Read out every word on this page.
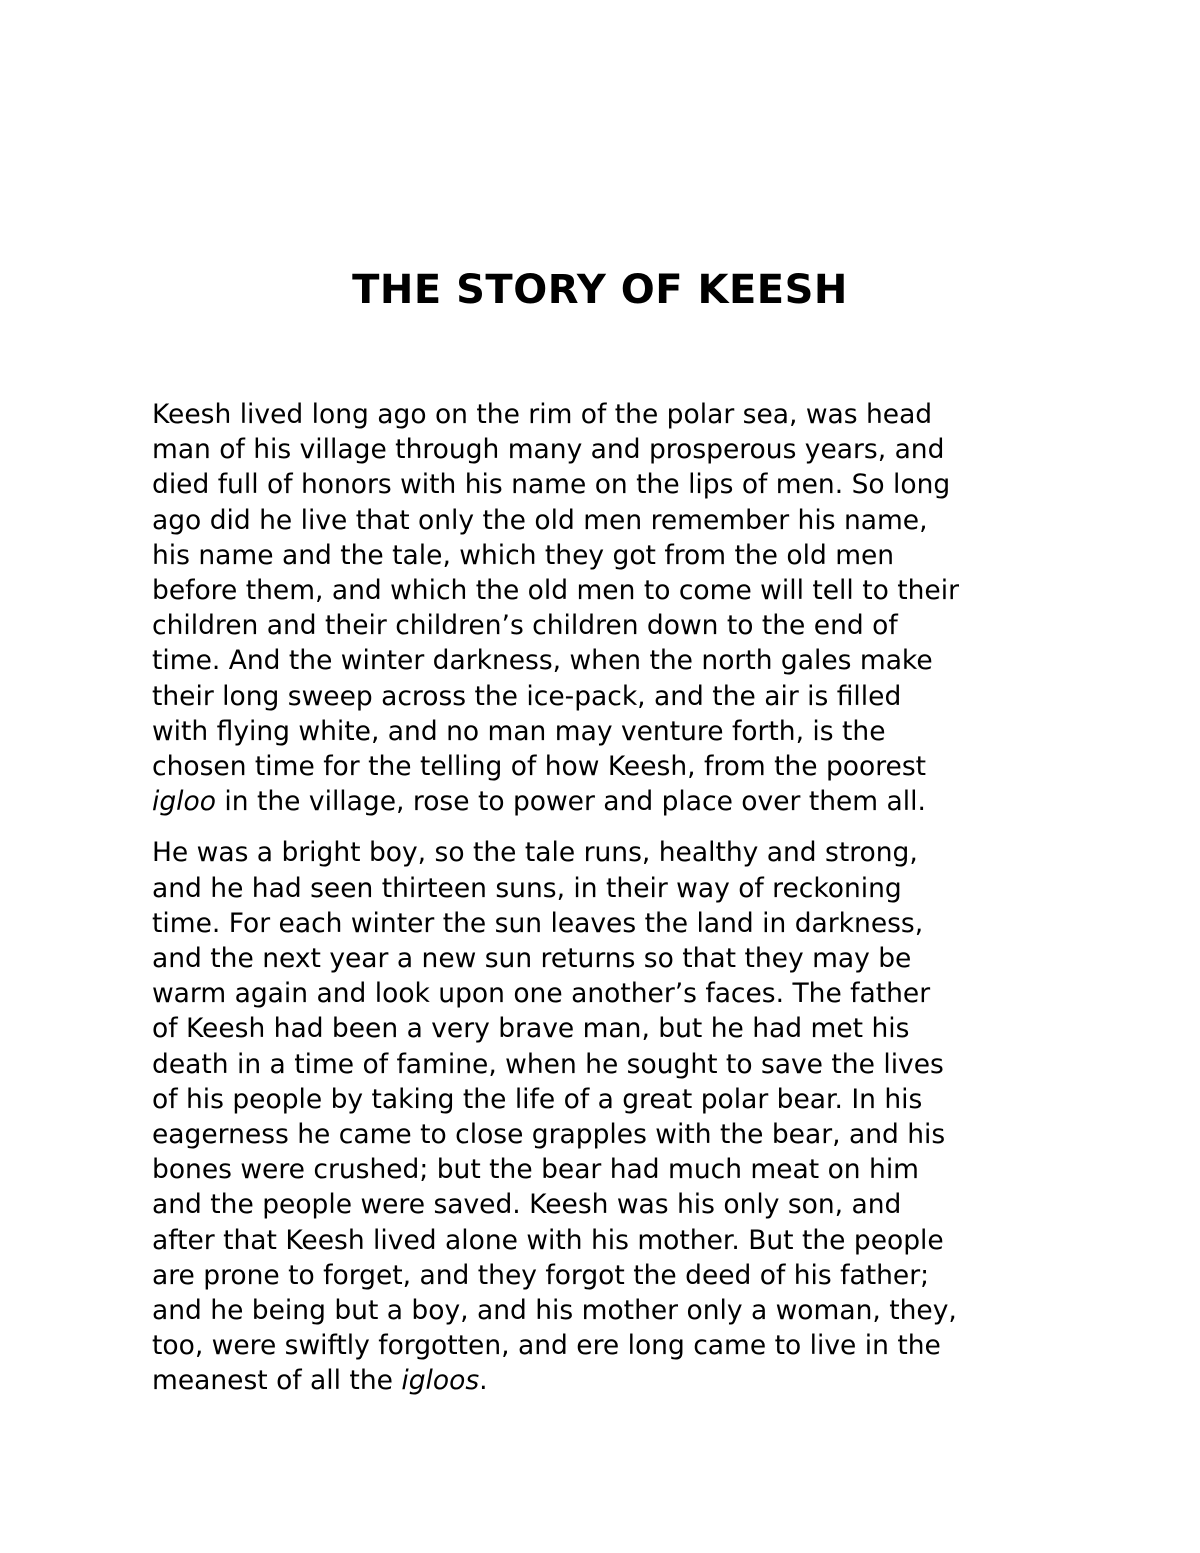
THE STORY OF KEESH

Keesh lived long ago on the rim of the polar sea, was head
man of his village through many and prosperous years, and
died full of honors with his name on the lips of men. So long
ago did he live that only the old men remember his name,
his name and the tale, which they got from the old men
before them, and which the old men to come will tell to their
children and their children’s children down to the end of
time. And the winter darkness, when the north gales make
their long sweep across the ice-pack, and the air is filled
with flying white, and no man may venture forth, is the
chosen time for the telling of how Keesh, from the poorest
igloo in the village, rose to power and place over them all.

He was a bright boy, so the tale runs, healthy and strong,
and he had seen thirteen suns, in their way of reckoning
time. For each winter the sun leaves the land in darkness,
and the next year a new sun returns so that they may be
warm again and look upon one another’s faces. The father
of Keesh had been a very brave man, but he had met his
death in a time of famine, when he sought to save the lives
of his people by taking the life of a great polar bear. In his
eagerness he came to close grapples with the bear, and his
bones were crushed; but the bear had much meat on him
and the people were saved. Keesh was his only son, and
after that Keesh lived alone with his mother. But the people
are prone to forget, and they forgot the deed of his father;
and he being but a boy, and his mother only a woman, they,
too, were swiftly forgotten, and ere long came to live in the
meanest of all the igloos.
